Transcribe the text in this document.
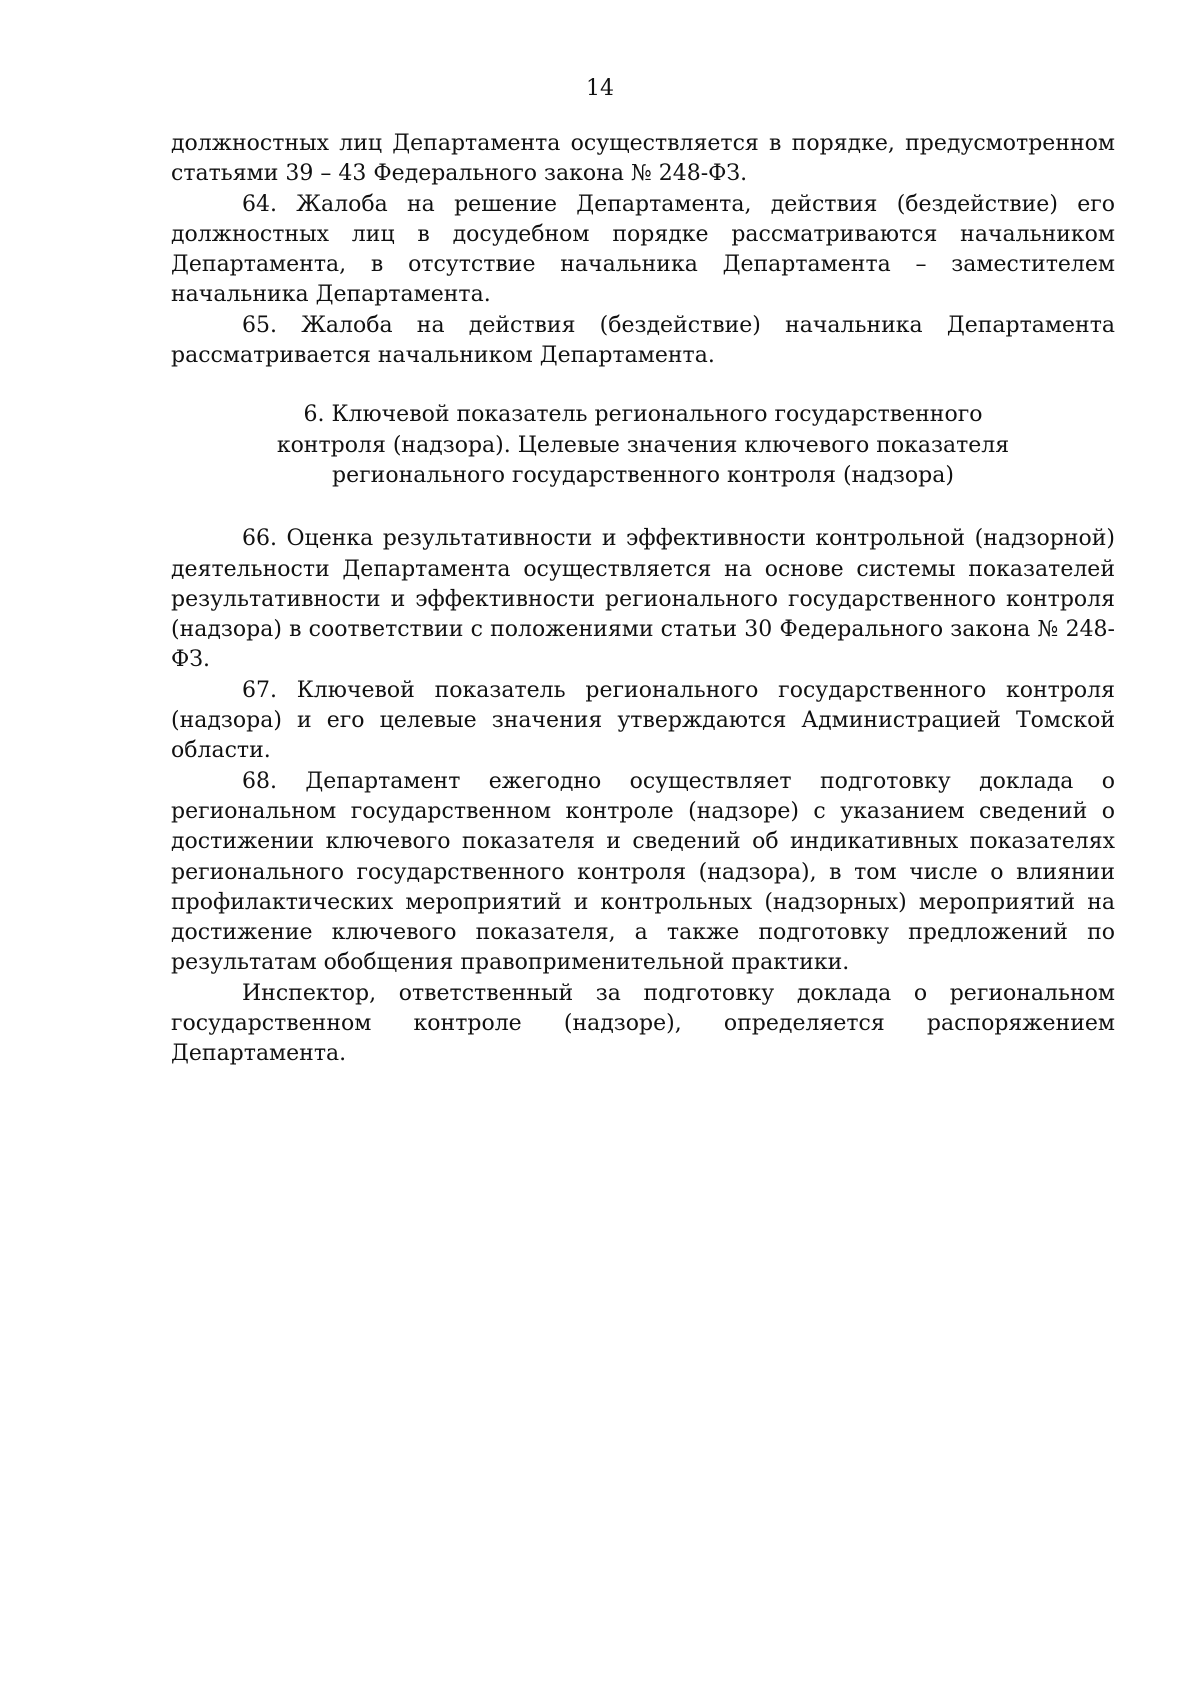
14

должностных лиц Департамента осуществляется в порядке, предусмотренном статьями 39 – 43 Федерального закона № 248-ФЗ.

64. Жалоба на решение Департамента, действия (бездействие) его должностных лиц в досудебном порядке рассматриваются начальником Департамента, в отсутствие начальника Департамента – заместителем начальника Департамента.

65. Жалоба на действия (бездействие) начальника Департамента рассматривается начальником Департамента.

6. Ключевой показатель регионального государственного
контроля (надзора). Целевые значения ключевого показателя
регионального государственного контроля (надзора)

66. Оценка результативности и эффективности контрольной (надзорной) деятельности Департамента осуществляется на основе системы показателей результативности и эффективности регионального государственного контроля (надзора) в соответствии с положениями статьи 30 Федерального закона № 248-ФЗ.

67. Ключевой показатель регионального государственного контроля (надзора) и его целевые значения утверждаются Администрацией Томской области.

68. Департамент ежегодно осуществляет подготовку доклада о региональном государственном контроле (надзоре) с указанием сведений о достижении ключевого показателя и сведений об индикативных показателях регионального государственного контроля (надзора), в том числе о влиянии профилактических мероприятий и контрольных (надзорных) мероприятий на достижение ключевого показателя, а также подготовку предложений по результатам обобщения правоприменительной практики.

Инспектор, ответственный за подготовку доклада о региональном государственном контроле (надзоре), определяется распоряжением Департамента.
